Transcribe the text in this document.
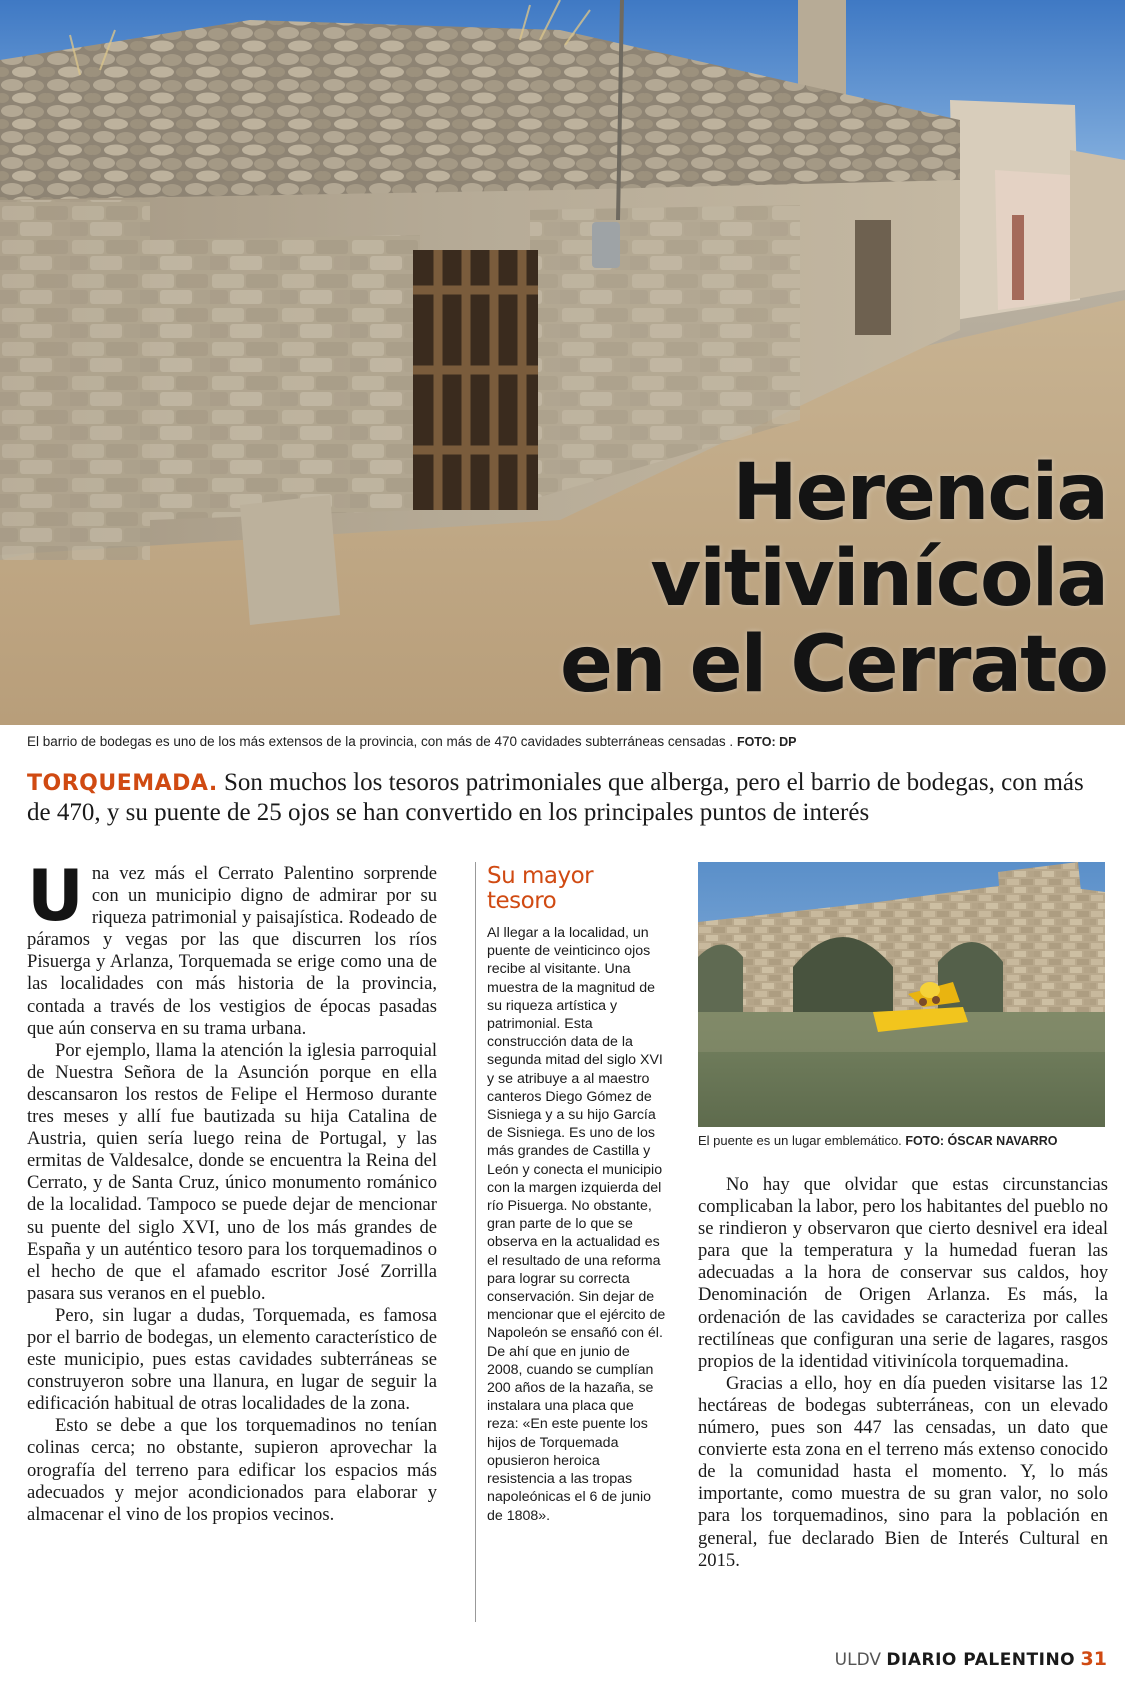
Herencia
vitivinícola
en el Cerrato
El barrio de bodegas es uno de los más extensos de la provincia, con más de 470 cavidades subterráneas censadas . FOTO: DP

TORQUEMADA. Son muchos los tesoros patrimoniales que alberga, pero el barrio de bodegas, con más de 470, y su puente de 25 ojos se han convertido en los principales puntos de interés

Una vez más el Cerrato Palentino sorprende con un municipio digno de admirar por su riqueza patrimonial y paisajística. Rodeado de páramos y vegas por las que discurren los ríos Pisuerga y Arlanza, Torquemada se erige como una de las localidades con más historia de la provincia, contada a través de los vestigios de épocas pasadas que aún conserva en su trama urbana.

Por ejemplo, llama la atención la iglesia parroquial de Nuestra Señora de la Asunción porque en ella descansaron los restos de Felipe el Hermoso durante tres meses y allí fue bautizada su hija Catalina de Austria, quien sería luego reina de Portugal, y las ermitas de Valdesalce, donde se encuentra la Reina del Cerrato, y de Santa Cruz, único monumento románico de la localidad. Tampoco se puede dejar de mencionar su puente del siglo XVI, uno de los más grandes de España y un auténtico tesoro para los torquemadinos o el hecho de que el afamado escritor José Zorrilla pasara sus veranos en el pueblo.

Pero, sin lugar a dudas, Torquemada, es famosa por el barrio de bodegas, un elemento característico de este municipio, pues estas cavidades subterráneas se construyeron sobre una llanura, en lugar de seguir la edificación habitual de otras localidades de la zona.

Esto se debe a que los torquemadinos no tenían colinas cerca; no obstante, supieron aprovechar la orografía del terreno para edificar los espacios más adecuados y mejor acondicionados para elaborar y almacenar el vino de los propios vecinos.

Su mayor tesoro

Al llegar a la localidad, un puente de veinticinco ojos recibe al visitante. Una muestra de la magnitud de su riqueza artística y patrimonial. Esta construcción data de la segunda mitad del siglo XVI y se atribuye a al maestro canteros Diego Gómez de Sisniega y a su hijo García de Sisniega. Es uno de los más grandes de Castilla y León y conecta el municipio con la margen izquierda del río Pisuerga. No obstante, gran parte de lo que se observa en la actualidad es el resultado de una reforma para lograr su correcta conservación. Sin dejar de mencionar que el ejército de Napoleón se ensañó con él. De ahí que en junio de 2008, cuando se cumplían 200 años de la hazaña, se instalara una placa que reza: «En este puente los hijos de Torquemada opusieron heroica resistencia a las tropas napoleónicas el 6 de junio de 1808».

El puente es un lugar emblemático. FOTO: ÓSCAR NAVARRO

No hay que olvidar que estas circunstancias complicaban la labor, pero los habitantes del pueblo no se rindieron y observaron que cierto desnivel era ideal para que la temperatura y la humedad fueran las adecuadas a la hora de conservar sus caldos, hoy Denominación de Origen Arlanza. Es más, la ordenación de las cavidades se caracteriza por calles rectilíneas que configuran una serie de lagares, rasgos propios de la identidad vitivinícola torquemadina.

Gracias a ello, hoy en día pueden visitarse las 12 hectáreas de bodegas subterráneas, con un elevado número, pues son 447 las censadas, un dato que convierte esta zona en el terreno más extenso conocido de la comunidad hasta el momento. Y, lo más importante, como muestra de su gran valor, no solo para los torquemadinos, sino para la población en general, fue declarado Bien de Interés Cultural en 2015.

ULDV DIARIO PALENTINO 31
